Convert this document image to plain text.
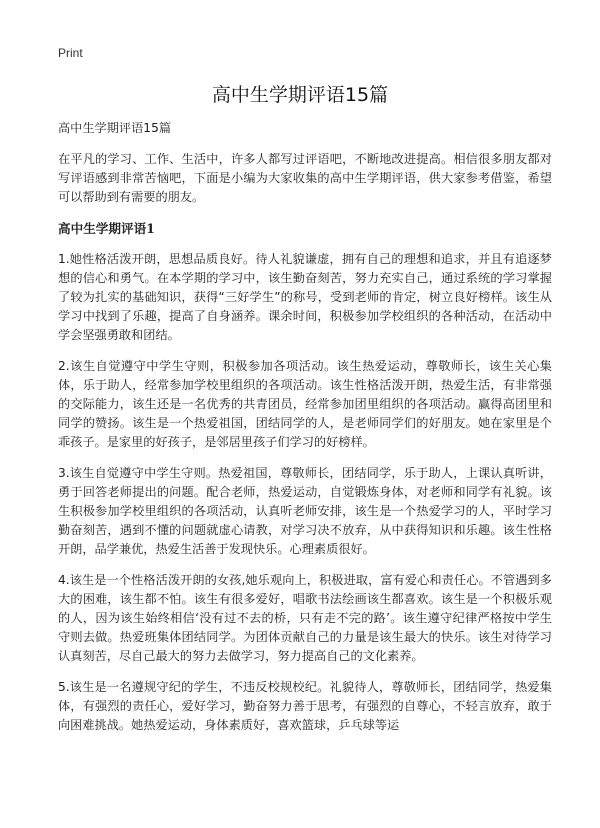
Print
高中生学期评语15篇

高中生学期评语15篇

在平凡的学习、工作、生活中，许多人都写过评语吧，不断地改进提高。相信很多朋友都对写评语感到非常苦恼吧，下面是小编为大家收集的高中生学期评语，供大家参考借鉴，希望可以帮助到有需要的朋友。

高中生学期评语1

1.她性格活泼开朗，思想品质良好。待人礼貌谦虚，拥有自己的理想和追求，并且有追逐梦想的信心和勇气。在本学期的学习中，该生勤奋刻苦，努力充实自己，通过系统的学习掌握了较为扎实的基础知识，获得“三好学生”的称号，受到老师的肯定，树立良好榜样。该生从学习中找到了乐趣，提高了自身涵养。课余时间，积极参加学校组织的各种活动，在活动中学会坚强勇敢和团结。

2.该生自觉遵守中学生守则，积极参加各项活动。该生热爱运动，尊敬师长，该生关心集体，乐于助人，经常参加学校里组织的各项活动。该生性格活泼开朗，热爱生活，有非常强的交际能力，该生还是一名优秀的共青团员，经常参加团里组织的各项活动。赢得高团里和同学的赞扬。该生是一个热爱祖国，团结同学的人，是老师同学们的好朋友。她在家里是个乖孩子。是家里的好孩子，是邻居里孩子们学习的好榜样。

3.该生自觉遵守中学生守则。热爱祖国，尊敬师长，团结同学，乐于助人，上课认真听讲，勇于回答老师提出的问题。配合老师，热爱运动，自觉锻炼身体，对老师和同学有礼貌。该生积极参加学校里组织的各项活动，认真听老师安排，该生是一个热爱学习的人，平时学习勤奋刻苦，遇到不懂的问题就虚心请教，对学习决不放弃，从中获得知识和乐趣。该生性格开朗，品学兼优，热爱生活善于发现快乐。心理素质很好。

4.该生是一个性格活泼开朗的女孩,她乐观向上，积极进取，富有爱心和责任心。不管遇到多大的困难，该生都不怕。该生有很多爱好，唱歌书法绘画该生都喜欢。该生是一个积极乐观的人，因为该生始终相信‘没有过不去的桥，只有走不完的路’。该生遵守纪律严格按中学生守则去做。热爱班集体团结同学。为团体贡献自己的力量是该生最大的快乐。该生对待学习认真刻苦，尽自己最大的努力去做学习，努力提高自己的文化素养。

5.该生是一名遵规守纪的学生，不违反校规校纪。礼貌待人，尊敬师长，团结同学，热爱集体，有强烈的责任心，爱好学习，勤奋努力善于思考，有强烈的自尊心，不轻言放弃，敢于向困难挑战。她热爱运动，身体素质好，喜欢篮球，乒乓球等运
